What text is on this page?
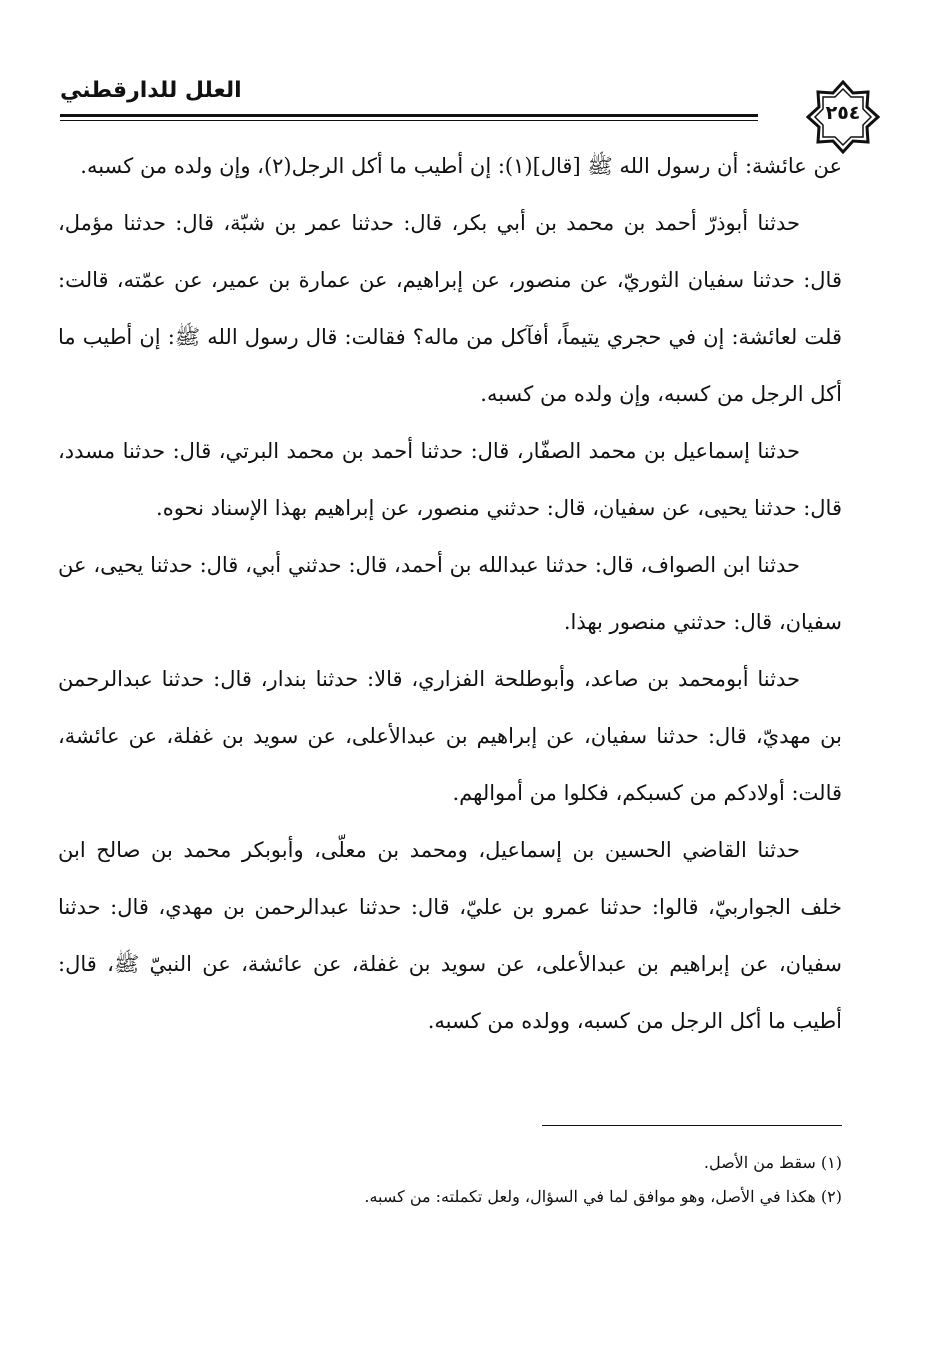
العلل للدارقطني
٢٥٤

عن عائشة: أن رسول الله ﷺ [قال](١): إن أطيب ما أكل الرجل(٢)، وإن ولده من كسبه.

حدثنا أبوذرّ أحمد بن محمد بن أبي بكر، قال: حدثنا عمر بن شبّة، قال: حدثنا مؤمل، قال: حدثنا سفيان الثوريّ، عن منصور، عن إبراهيم، عن عمارة بن عمير، عن عمّته، قالت: قلت لعائشة: إن في حجري يتيماً، أفآكل من ماله؟ فقالت: قال رسول الله ﷺ: إن أطيب ما أكل الرجل من كسبه، وإن ولده من كسبه.

حدثنا إسماعيل بن محمد الصفّار، قال: حدثنا أحمد بن محمد البرتي، قال: حدثنا مسدد، قال: حدثنا يحيى، عن سفيان، قال: حدثني منصور، عن إبراهيم بهذا الإسناد نحوه.

حدثنا ابن الصواف، قال: حدثنا عبدالله بن أحمد، قال: حدثني أبي، قال: حدثنا يحيى، عن سفيان، قال: حدثني منصور بهذا.

حدثنا أبومحمد بن صاعد، وأبوطلحة الفزاري، قالا: حدثنا بندار، قال: حدثنا عبدالرحمن بن مهديّ، قال: حدثنا سفيان، عن إبراهيم بن عبدالأعلى، عن سويد بن غفلة، عن عائشة، قالت: أولادكم من كسبكم، فكلوا من أموالهم.

حدثنا القاضي الحسين بن إسماعيل، ومحمد بن معلّى، وأبوبكر محمد بن صالح ابن خلف الجواربيّ، قالوا: حدثنا عمرو بن عليّ، قال: حدثنا عبدالرحمن بن مهدي، قال: حدثنا سفيان، عن إبراهيم بن عبدالأعلى، عن سويد بن غفلة، عن عائشة، عن النبيّ ﷺ، قال: أطيب ما أكل الرجل من كسبه، وولده من كسبه.

(١) سقط من الأصل.

(٢) هكذا في الأصل، وهو موافق لما في السؤال، ولعل تكملته: من كسبه.
